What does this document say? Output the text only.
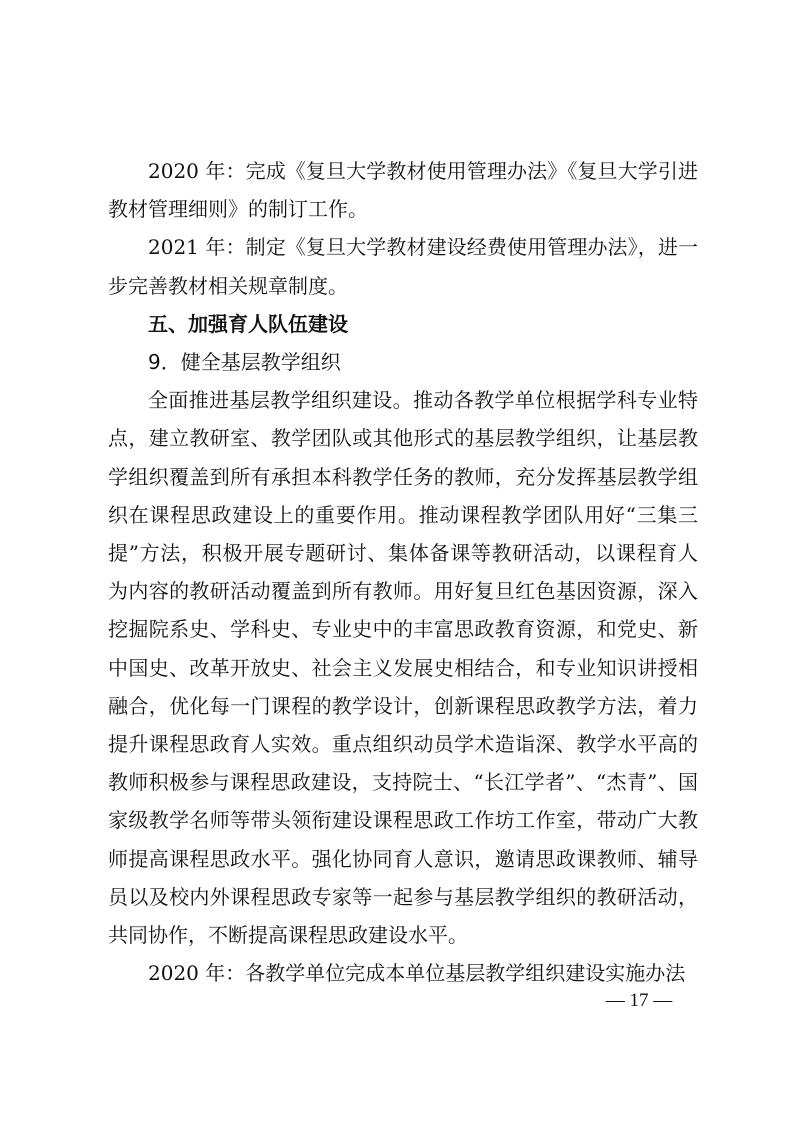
2020 年：完成《复旦大学教材使用管理办法》《复旦大学引进教材管理细则》的制订工作。

2021 年：制定《复旦大学教材建设经费使用管理办法》，进一步完善教材相关规章制度。

五、加强育人队伍建设

9．健全基层教学组织

全面推进基层教学组织建设。推动各教学单位根据学科专业特点，建立教研室、教学团队或其他形式的基层教学组织，让基层教学组织覆盖到所有承担本科教学任务的教师，充分发挥基层教学组织在课程思政建设上的重要作用。推动课程教学团队用好“三集三提”方法，积极开展专题研讨、集体备课等教研活动，以课程育人为内容的教研活动覆盖到所有教师。用好复旦红色基因资源，深入挖掘院系史、学科史、专业史中的丰富思政教育资源，和党史、新中国史、改革开放史、社会主义发展史相结合，和专业知识讲授相融合，优化每一门课程的教学设计，创新课程思政教学方法，着力提升课程思政育人实效。重点组织动员学术造诣深、教学水平高的教师积极参与课程思政建设，支持院士、“长江学者”、“杰青”、国家级教学名师等带头领衔建设课程思政工作坊工作室，带动广大教师提高课程思政水平。强化协同育人意识，邀请思政课教师、辅导员以及校内外课程思政专家等一起参与基层教学组织的教研活动，共同协作，不断提高课程思政建设水平。

2020 年：各教学单位完成本单位基层教学组织建设实施办法

— 17 —
